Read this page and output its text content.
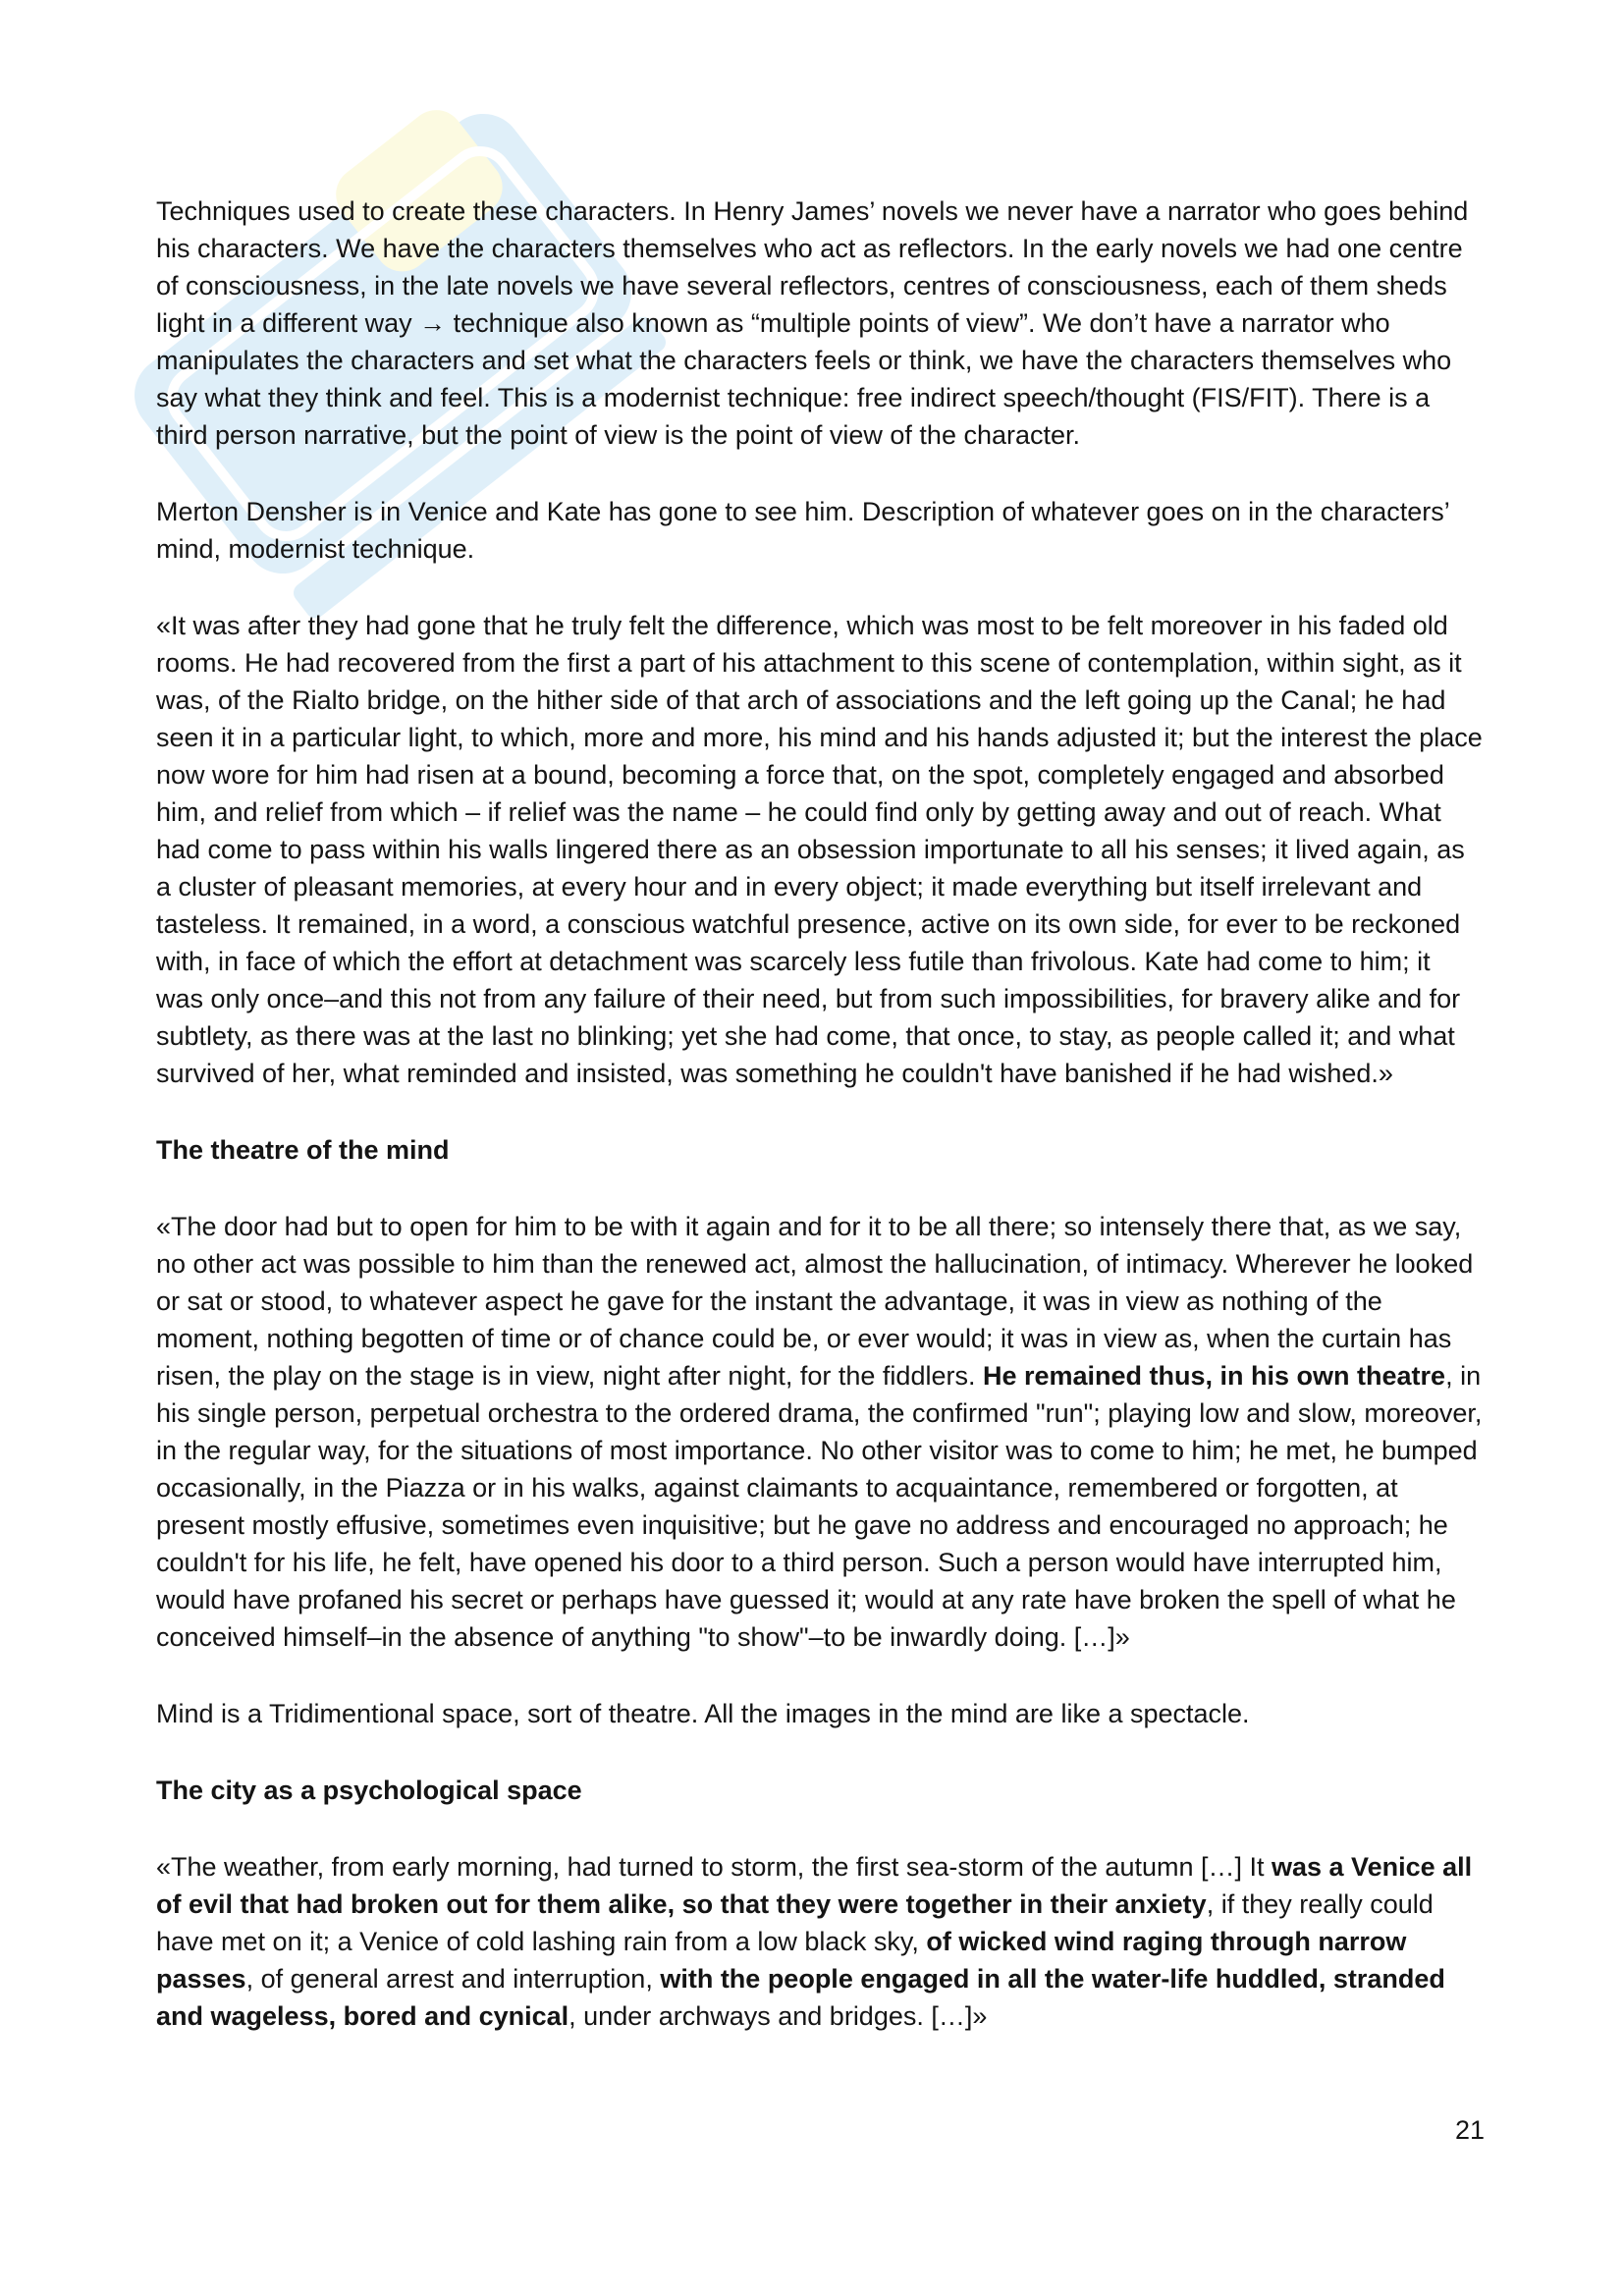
Techniques used to create these characters. In Henry James’ novels we never have a narrator who goes behind his characters. We have the characters themselves who act as reflectors. In the early novels we had one centre of consciousness, in the late novels we have several reflectors, centres of consciousness, each of them sheds light in a different way → technique also known as “multiple points of view”. We don’t have a narrator who manipulates the characters and set what the characters feels or think, we have the characters themselves who say what they think and feel. This is a modernist technique: free indirect speech/thought (FIS/FIT). There is a third person narrative, but the point of view is the point of view of the character.

Merton Densher is in Venice and Kate has gone to see him. Description of whatever goes on in the characters’ mind, modernist technique.

«It was after they had gone that he truly felt the difference, which was most to be felt moreover in his faded old rooms. He had recovered from the first a part of his attachment to this scene of contemplation, within sight, as it was, of the Rialto bridge, on the hither side of that arch of associations and the left going up the Canal; he had seen it in a particular light, to which, more and more, his mind and his hands adjusted it; but the interest the place now wore for him had risen at a bound, becoming a force that, on the spot, completely engaged and absorbed him, and relief from which – if relief was the name – he could find only by getting away and out of reach. What had come to pass within his walls lingered there as an obsession importunate to all his senses; it lived again, as a cluster of pleasant memories, at every hour and in every object; it made everything but itself irrelevant and tasteless. It remained, in a word, a conscious watchful presence, active on its own side, for ever to be reckoned with, in face of which the effort at detachment was scarcely less futile than frivolous. Kate had come to him; it was only once–and this not from any failure of their need, but from such impossibilities, for bravery alike and for subtlety, as there was at the last no blinking; yet she had come, that once, to stay, as people called it; and what survived of her, what reminded and insisted, was something he couldn't have banished if he had wished.»

The theatre of the mind

«The door had but to open for him to be with it again and for it to be all there; so intensely there that, as we say, no other act was possible to him than the renewed act, almost the hallucination, of intimacy. Wherever he looked or sat or stood, to whatever aspect he gave for the instant the advantage, it was in view as nothing of the moment, nothing begotten of time or of chance could be, or ever would; it was in view as, when the curtain has risen, the play on the stage is in view, night after night, for the fiddlers. He remained thus, in his own theatre, in his single person, perpetual orchestra to the ordered drama, the confirmed "run"; playing low and slow, moreover, in the regular way, for the situations of most importance. No other visitor was to come to him; he met, he bumped occasionally, in the Piazza or in his walks, against claimants to acquaintance, remembered or forgotten, at present mostly effusive, sometimes even inquisitive; but he gave no address and encouraged no approach; he couldn't for his life, he felt, have opened his door to a third person. Such a person would have interrupted him, would have profaned his secret or perhaps have guessed it; would at any rate have broken the spell of what he conceived himself–in the absence of anything "to show"–to be inwardly doing. […]»

Mind is a Tridimentional space, sort of theatre. All the images in the mind are like a spectacle.

The city as a psychological space

«The weather, from early morning, had turned to storm, the first sea-storm of the autumn […] It was a Venice all of evil that had broken out for them alike, so that they were together in their anxiety, if they really could have met on it; a Venice of cold lashing rain from a low black sky, of wicked wind raging through narrow passes, of general arrest and interruption, with the people engaged in all the water-life huddled, stranded and wageless, bored and cynical, under archways and bridges. […]»

21
